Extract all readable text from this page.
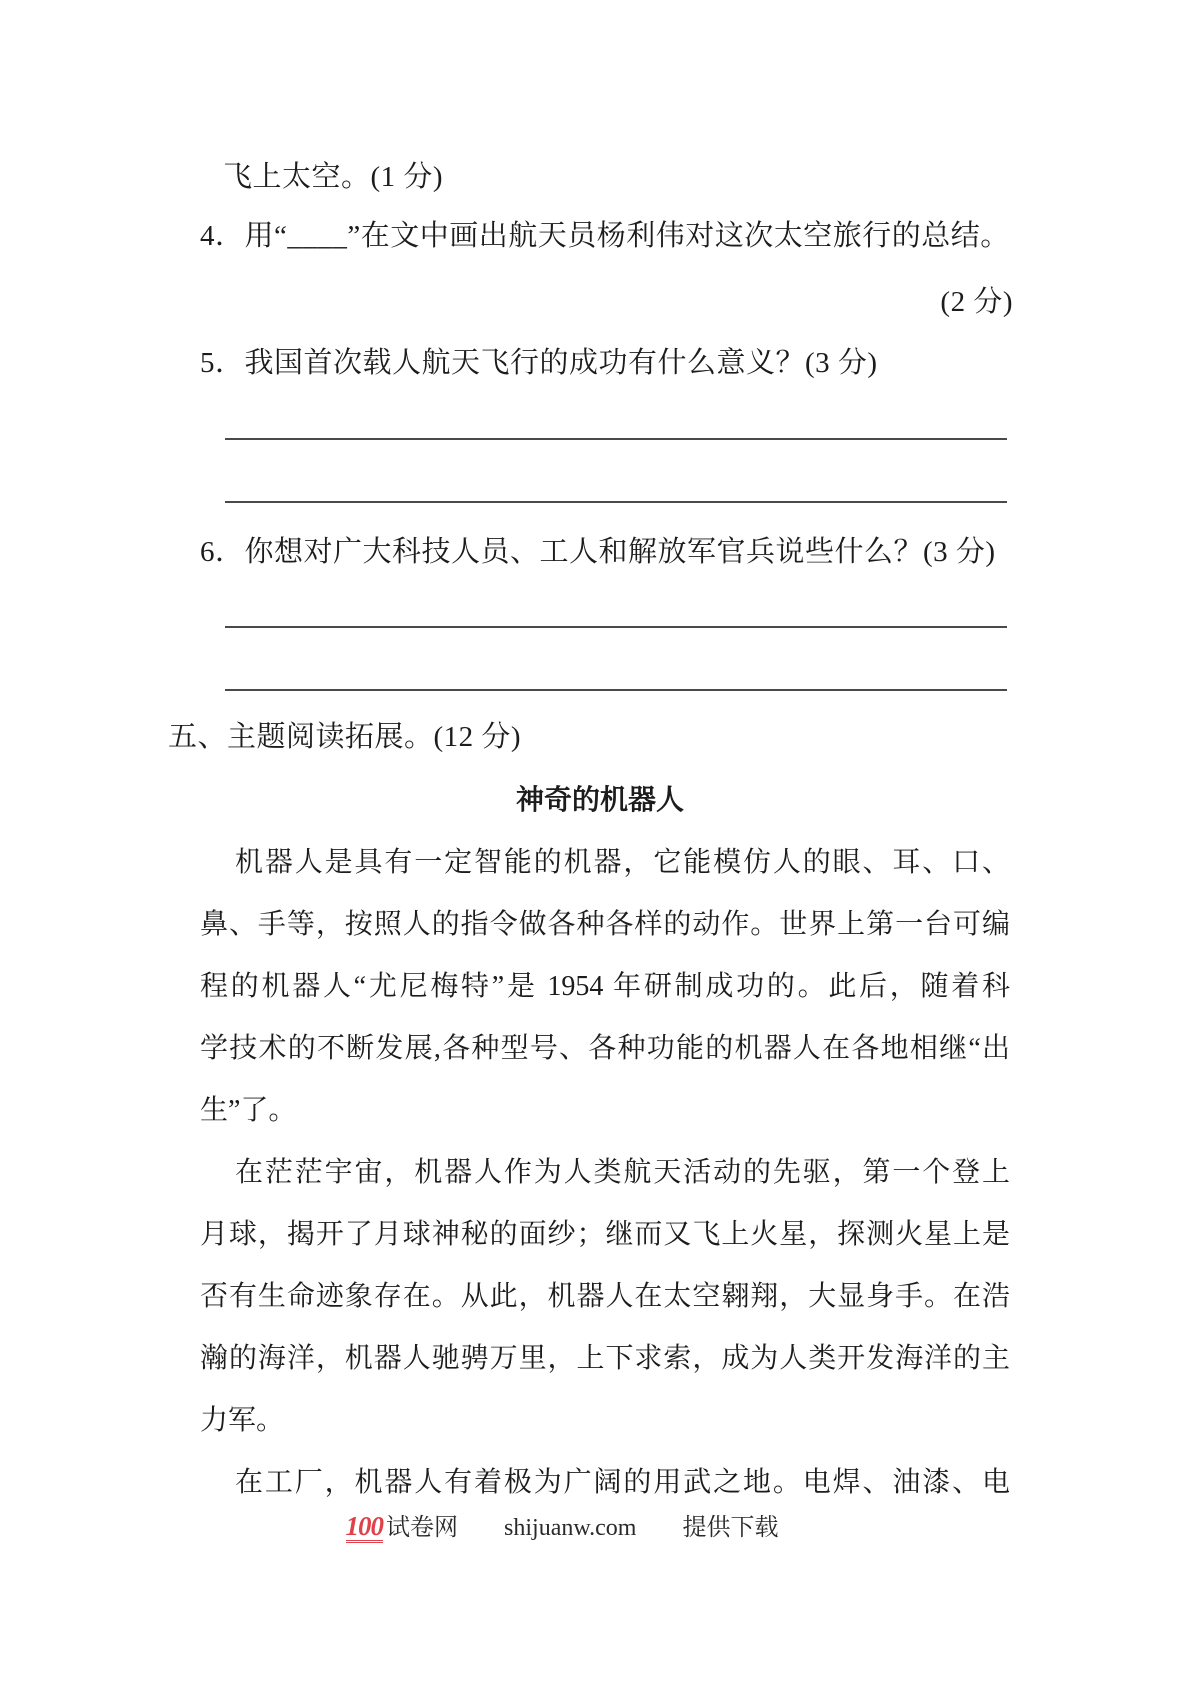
飞上太空。(1 分)
4．用“____”在文中画出航天员杨利伟对这次太空旅行的总结。
(2 分)
5．我国首次载人航天飞行的成功有什么意义？(3 分)
6．你想对广大科技人员、工人和解放军官兵说些什么？(3 分)
五、主题阅读拓展。(12 分)
神奇的机器人
机器人是具有一定智能的机器，它能模仿人的眼、耳、口、
鼻、手等，按照人的指令做各种各样的动作。世界上第一台可编
程的机器人“尤尼梅特”是 1954 年研制成功的。此后，随着科
学技术的不断发展,各种型号、各种功能的机器人在各地相继“出
生”了。
在茫茫宇宙，机器人作为人类航天活动的先驱，第一个登上
月球，揭开了月球神秘的面纱；继而又飞上火星，探测火星上是
否有生命迹象存在。从此，机器人在太空翱翔，大显身手。在浩
瀚的海洋，机器人驰骋万里，上下求索，成为人类开发海洋的主
力军。
在工厂，机器人有着极为广阔的用武之地。电焊、油漆、电
100 试卷网 shijuanw.com 提供下载
